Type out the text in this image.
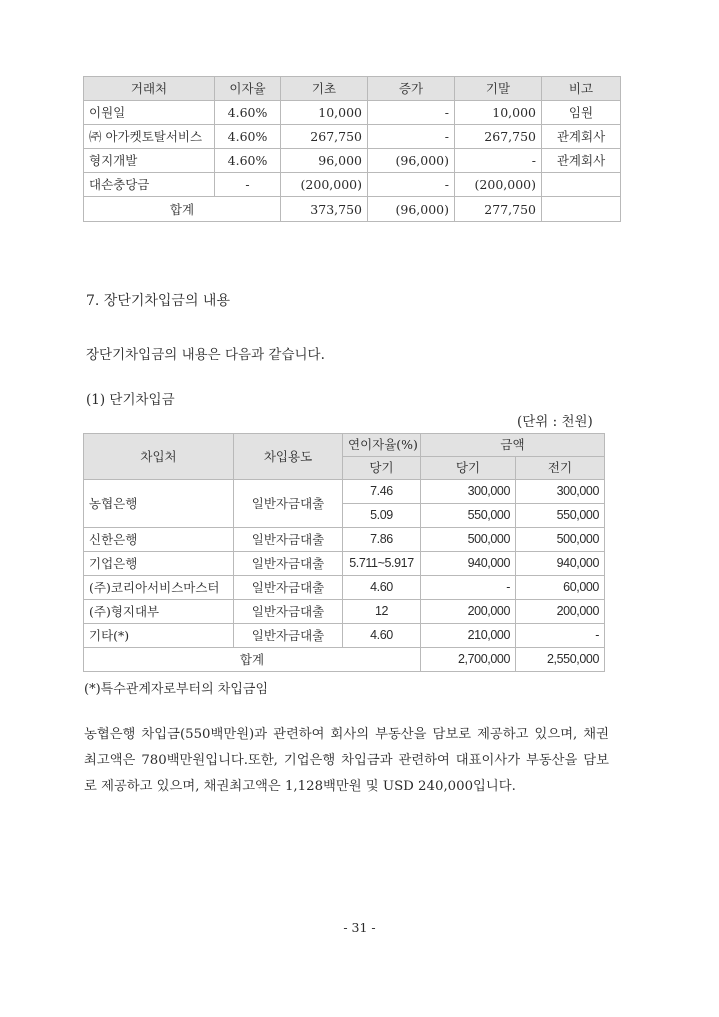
거래처	이자율	기초	증가	기말	비고
이원일	4.60%	10,000	-	10,000	임원
㈜ 아가켓토탈서비스	4.60%	267,750	-	267,750	관계회사
형지개발	4.60%	96,000	(96,000)	-	관계회사
대손충당금	-	(200,000)	-	(200,000)	
합계		373,750	(96,000)	277,750	
7. 장단기차입금의 내용
장단기차입금의 내용은 다음과 같습니다.
(1) 단기차입금
(단위 : 천원)
차입처	차입용도	연이자율(%)	금액	
		당기	당기	전기
농협은행	일반자금대출	7.46	300,000	300,000
		5.09	550,000	550,000
신한은행	일반자금대출	7.86	500,000	500,000
기업은행	일반자금대출	5.711~5.917	940,000	940,000
(주)코리아서비스마스터	일반자금대출	4.60	-	60,000
(주)형지대부	일반자금대출	12	200,000	200,000
기타(*)	일반자금대출	4.60	210,000	-
합계			2,700,000	2,550,000
(*)특수관계자로부터의 차입금임
농협은행 차입금(550백만원)과 관련하여 회사의 부동산을 담보로 제공하고 있으며, 채권
최고액은 780백만원입니다.또한, 기업은행 차입금과 관련하여 대표이사가 부동산을 담보
로 제공하고 있으며, 채권최고액은 1,128백만원 및 USD 240,000입니다.
- 31 -
